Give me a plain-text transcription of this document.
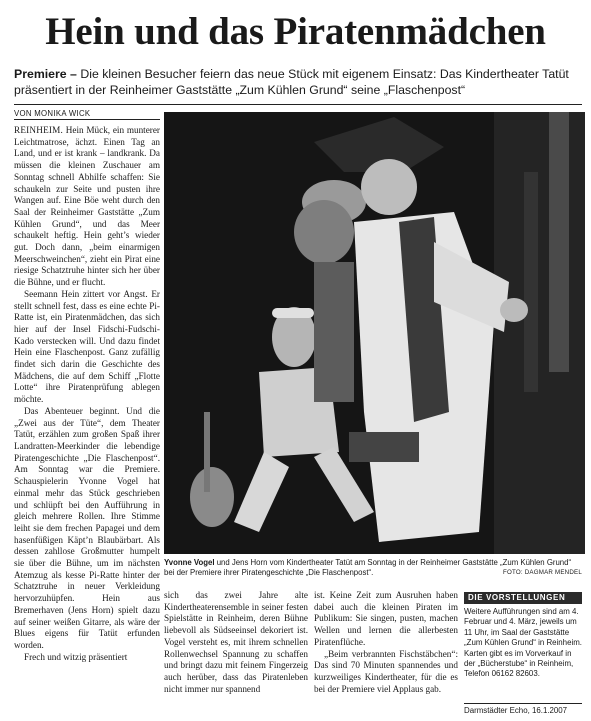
Hein und das Piratenmädchen
Premiere – Die kleinen Besucher feiern das neue Stück mit eigenem Einsatz: Das Kindertheater Tatüt präsentiert in der Reinheimer Gaststätte „Zum Kühlen Grund“ seine „Flaschenpost“
VON MONIKA WICK

REINHEIM. Hein Mück, ein munterer Leichtmatrose, ächzt. Einen Tag an Land, und er ist krank – landkrank. Da müssen die kleinen Zuschauer am Sonntag schnell Abhilfe schaffen: Sie schaukeln zur Seite und pusten ihre Wangen auf. Eine Böe weht durch den Saal der Reinheimer Gaststätte „Zum Kühlen Grund“, und das Meer schaukelt heftig. Hein geht’s wieder gut. Doch dann, „beim einarmigen Meerschweinchen“, zieht ein Pirat eine riesige Schatztruhe hinter sich her über die Bühne, und er flucht.

Seemann Hein zittert vor Angst. Er stellt schnell fest, dass es eine echte Pi-Ratte ist, ein Piratenmädchen, das sich hier auf der Insel Fidschi-Fudschi-Kado verstecken will. Und dazu findet Hein eine Flaschenpost. Ganz zufällig findet sich darin die Geschichte des Mädchens, die auf dem Schiff „Flotte Lotte“ ihre Piratenprüfung ablegen möchte.

Das Abenteuer beginnt. Und die „Zwei aus der Tüte“, dem Theater Tatüt, erzählen zum großen Spaß ihrer Landratten-Meerkinder die lebendige Piratengeschichte „Die Flaschenpost“. Am Sonntag war die Premiere. Schauspielerin Yvonne Vogel hat einmal mehr das Stück geschrieben und schlüpft bei den Aufführung in gleich mehrere Rollen. Ihre Stimme leiht sie dem frechen Papagei und dem hasenfüßigen Käpt’n Blaubärbart. Als dessen zahllose Großmutter humpelt sie über die Bühne, um im nächsten Atemzug als kesse Pi-Ratte hinter der Schatztruhe in neuer Verkleidung hervorzuhüpfen. Hein aus Bremerhaven (Jens Horn) spielt dazu auf seiner weißen Gitarre, als wäre der Blues eigens für Tatüt erfunden worden.

Frech und witzig präsentiert

Yvonne Vogel und Jens Horn vom Kindertheater Tatüt am Sonntag in der Reinheimer Gaststätte „Zum Kühlen Grund“ bei der Premiere ihrer Piratengeschichte „Die Flaschenpost“.	FOTO: DAGMAR MENDEL

sich das zwei Jahre alte Kindertheaterensemble in seiner festen Spielstätte in Reinheim, deren Bühne liebevoll als Südseeinsel dekoriert ist. Vogel versteht es, mit ihrem schnellen Rollenwechsel Spannung zu schaffen und bringt dazu mit feinem Fingerzeig auch herüber, dass das Piratenleben nicht immer nur spannend

ist. Keine Zeit zum Ausruhen haben dabei auch die kleinen Piraten im Publikum: Sie singen, pusten, machen Wellen und lernen die allerbesten Piratenflüche.

„Beim verbrannten Fischstäbchen“: Das sind 70 Minuten spannendes und kurzweiliges Kindertheater, für die es bei der Premiere viel Applaus gab.

DIE VORSTELLUNGEN
Weitere Aufführungen sind am 4. Februar und 4. März, jeweils um 11 Uhr, im Saal der Gaststätte „Zum Kühlen Grund“ in Reinheim. Karten gibt es im Vorverkauf in der „Bücherstube“ in Reinheim, Telefon 06162 82603.
Darmstädter Echo, 16.1.2007
